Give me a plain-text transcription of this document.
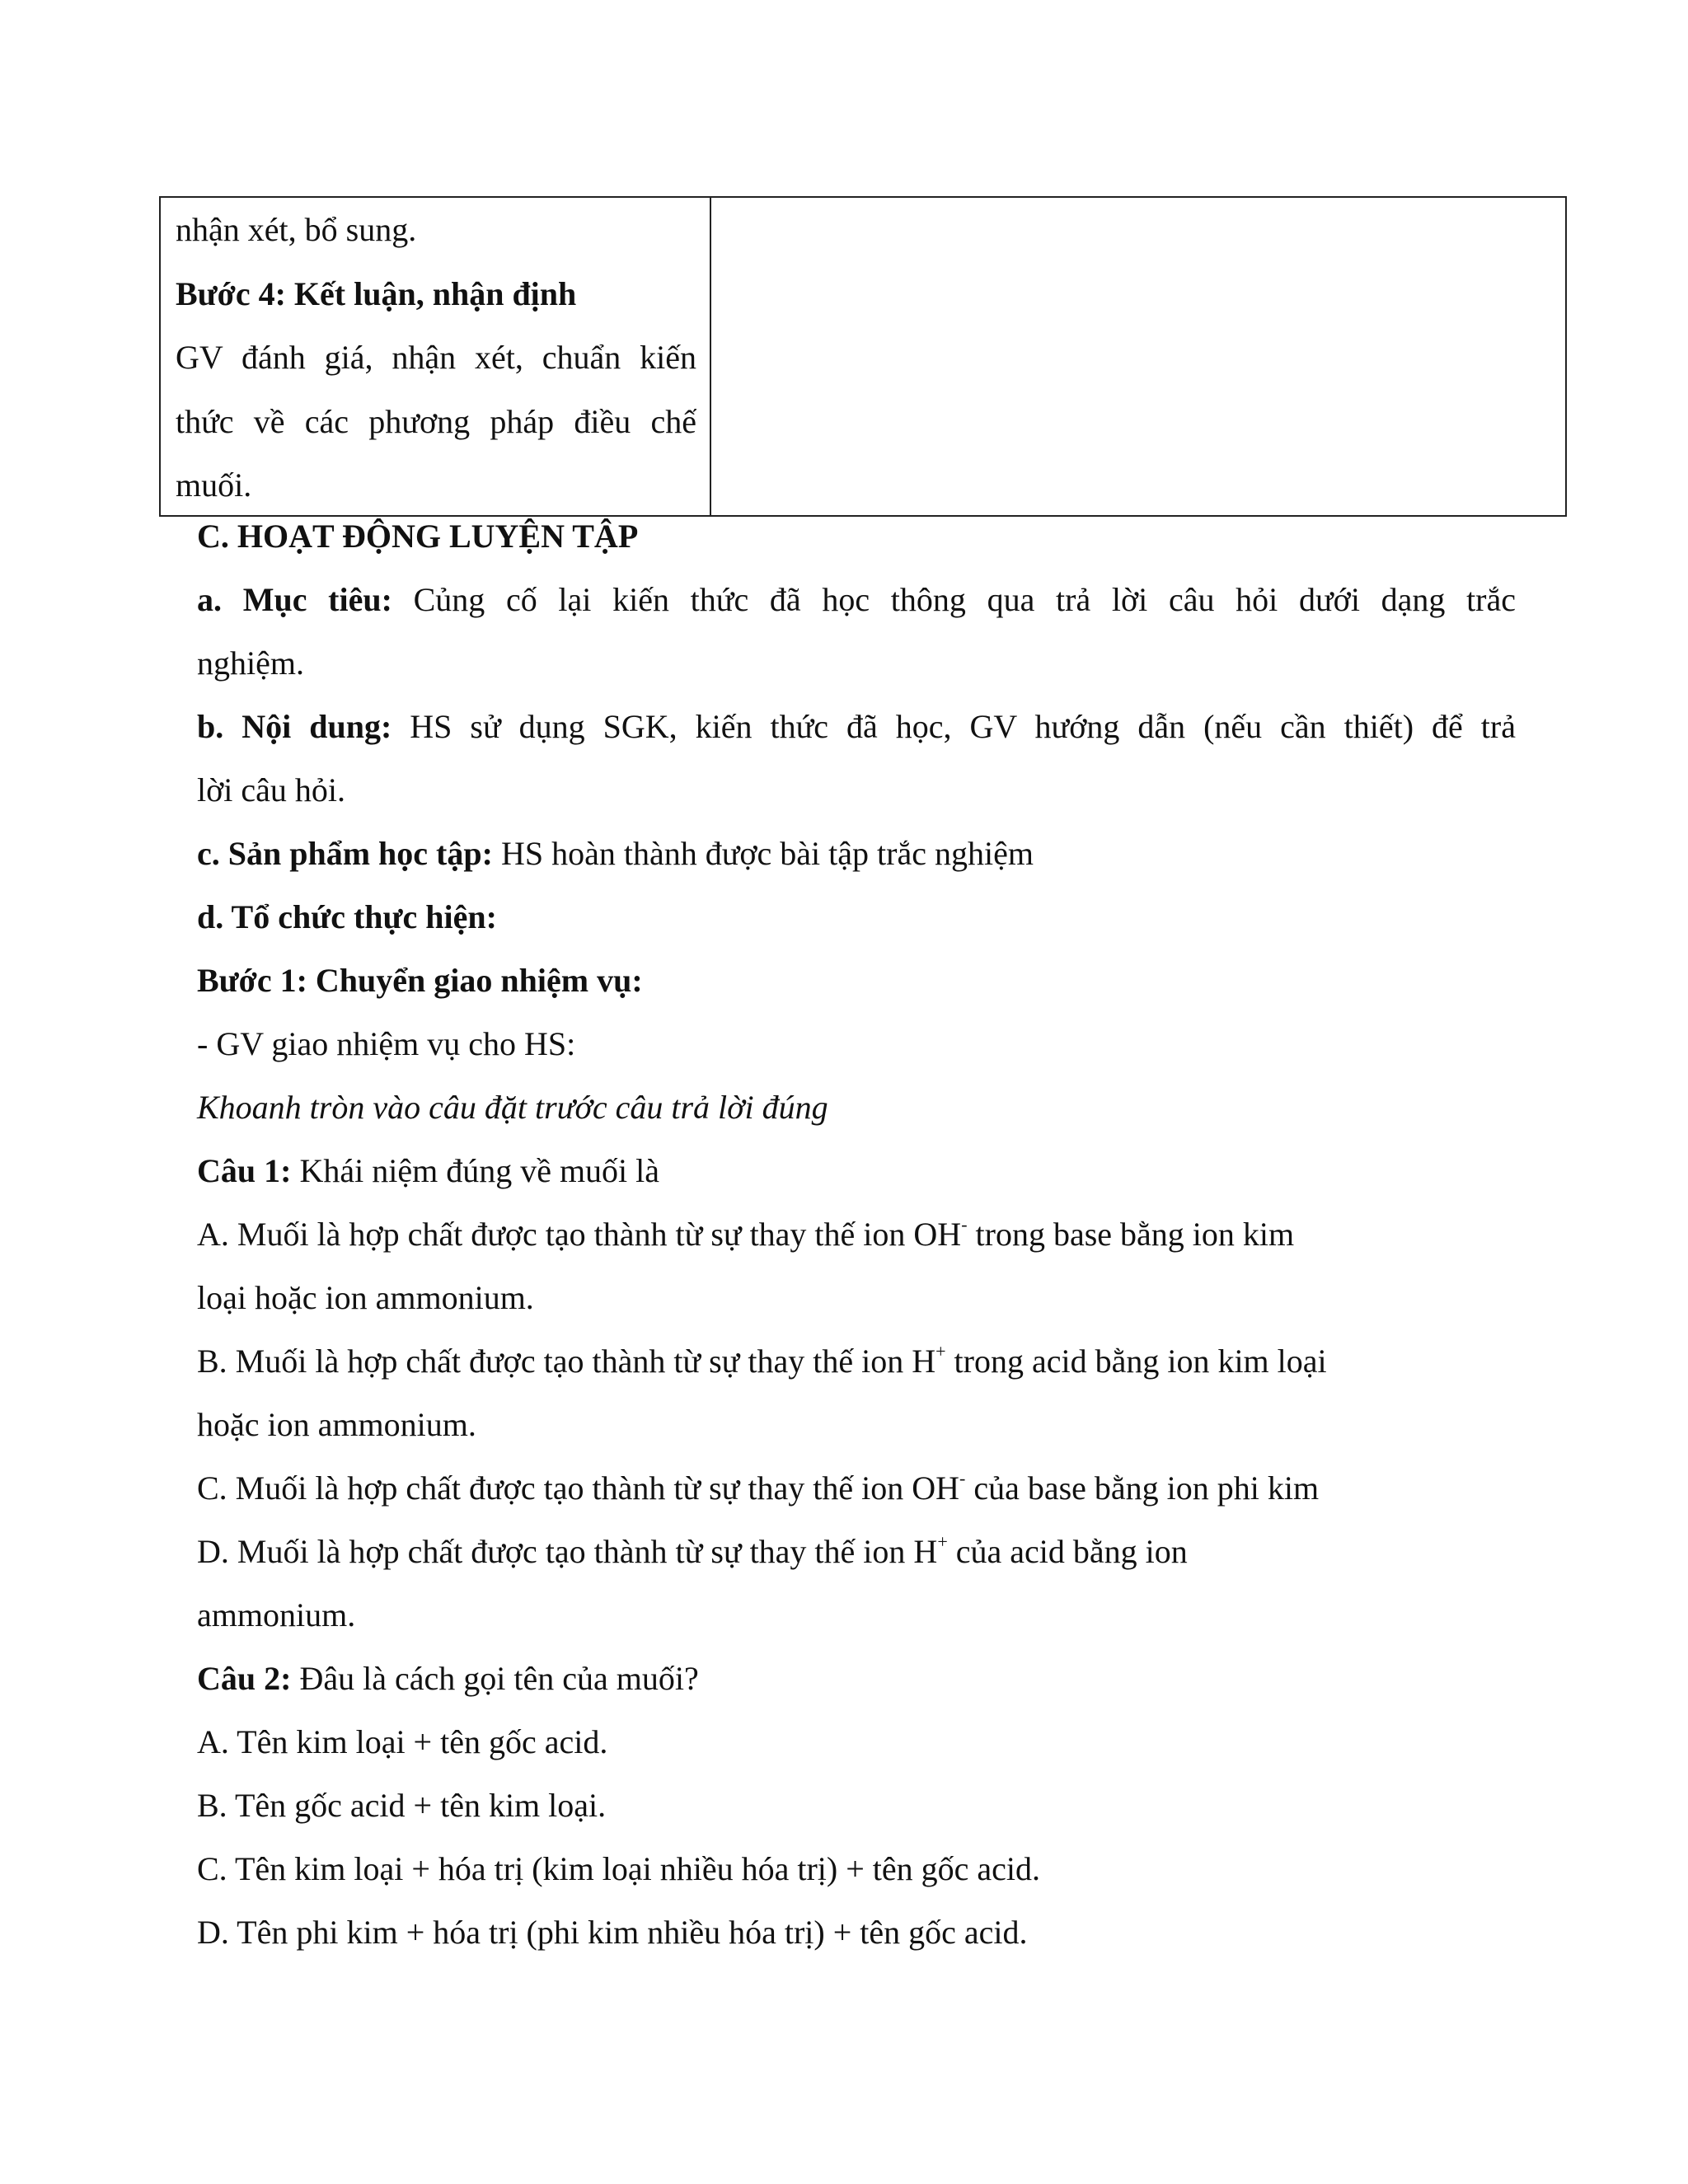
nhận xét, bổ sung.
Bước 4: Kết luận, nhận định
GV đánh giá, nhận xét, chuẩn kiến
thức về các phương pháp điều chế
muối.
C. HOẠT ĐỘNG LUYỆN TẬP
a. Mục tiêu: Củng cố lại kiến thức đã học thông qua trả lời câu hỏi dưới dạng trắc
nghiệm.
b. Nội dung: HS sử dụng SGK, kiến thức đã học, GV hướng dẫn (nếu cần thiết) để trả
lời câu hỏi.
c. Sản phẩm học tập: HS hoàn thành được bài tập trắc nghiệm
d. Tổ chức thực hiện:
Bước 1: Chuyển giao nhiệm vụ:
- GV giao nhiệm vụ cho HS:
Khoanh tròn vào câu đặt trước câu trả lời đúng
Câu 1: Khái niệm đúng về muối là
A. Muối là hợp chất được tạo thành từ sự thay thế ion OH- trong base bằng ion kim
loại hoặc ion ammonium.
B. Muối là hợp chất được tạo thành từ sự thay thế ion H+ trong acid bằng ion kim loại
hoặc ion ammonium.
C. Muối là hợp chất được tạo thành từ sự thay thế ion OH- của base bằng ion phi kim
D. Muối là hợp chất được tạo thành từ sự thay thế ion H+ của acid bằng ion
ammonium.
Câu 2: Đâu là cách gọi tên của muối?
A. Tên kim loại + tên gốc acid.
B. Tên gốc acid + tên kim loại.
C. Tên kim loại + hóa trị (kim loại nhiều hóa trị) + tên gốc acid.
D. Tên phi kim + hóa trị (phi kim nhiều hóa trị) + tên gốc acid.
